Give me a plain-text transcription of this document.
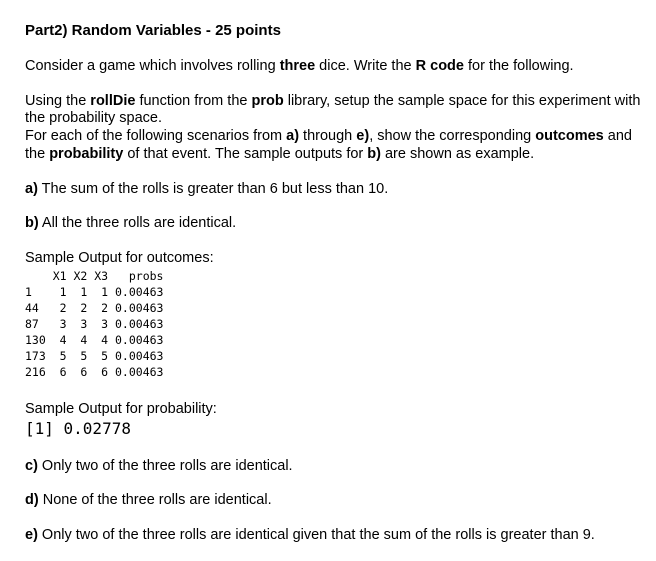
Part2) Random Variables - 25 points
Consider a game which involves rolling three dice. Write the R code for the following.
Using the rollDie function from the prob library, setup the sample space for this experiment with
the probability space.
For each of the following scenarios from a) through e), show the corresponding outcomes and
the probability of that event. The sample outputs for b) are shown as example.
a) The sum of the rolls is greater than 6 but less than 10.
b) All the three rolls are identical.
Sample Output for outcomes:
X1 X2 X3   probs
1    1  1  1 0.00463
44   2  2  2 0.00463
87   3  3  3 0.00463
130  4  4  4 0.00463
173  5  5  5 0.00463
216  6  6  6 0.00463
Sample Output for probability:
[1] 0.02778
c) Only two of the three rolls are identical.
d) None of the three rolls are identical.
e) Only two of the three rolls are identical given that the sum of the rolls is greater than 9.
